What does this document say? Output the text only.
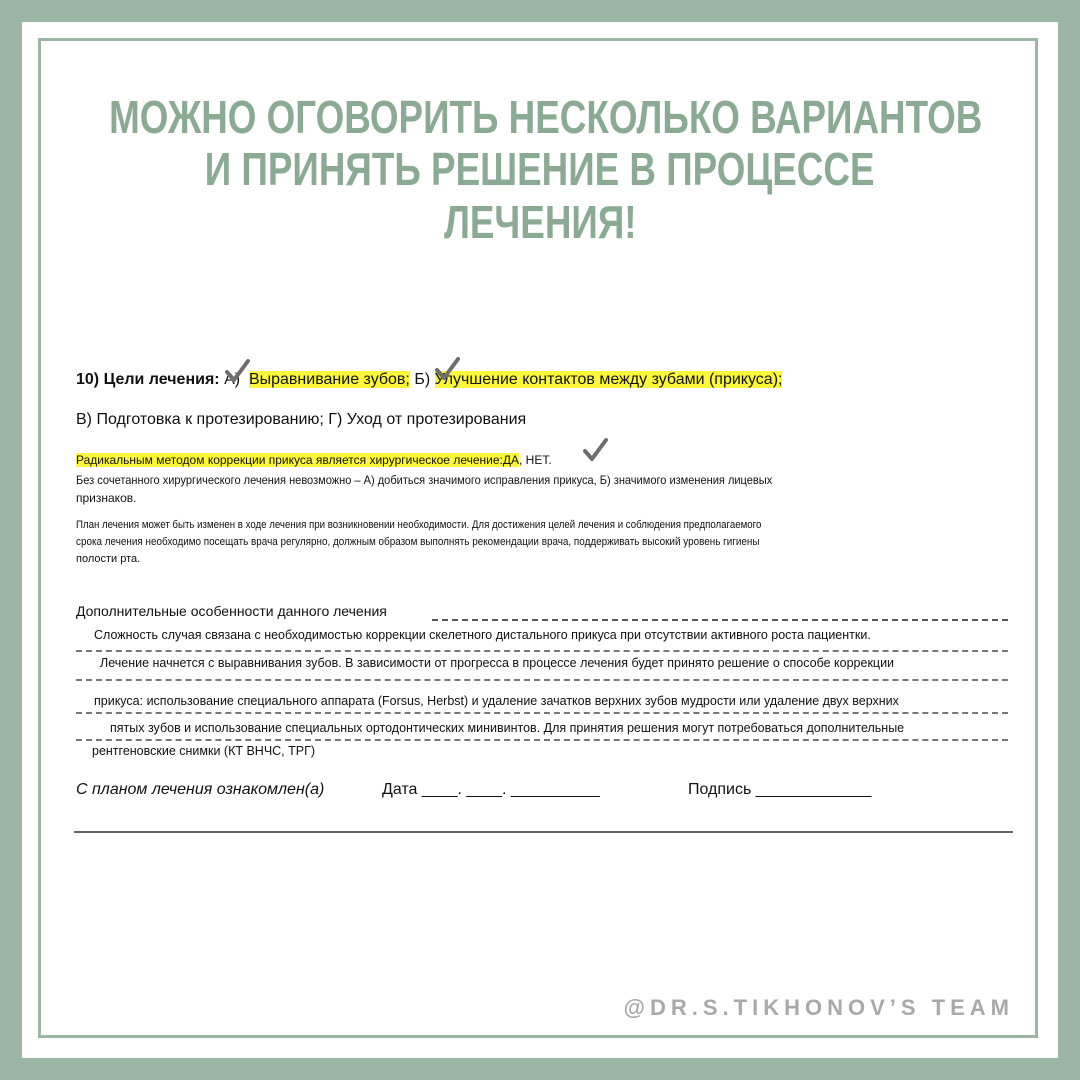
МОЖНО ОГОВОРИТЬ НЕСКОЛЬКО ВАРИАНТОВ
И ПРИНЯТЬ РЕШЕНИЕ В ПРОЦЕССЕ
ЛЕЧЕНИЯ!
10) Цели лечения: А) Выравнивание зубов; Б) Улучшение контактов между зубами (прикуса);
В) Подготовка к протезированию; Г) Уход от протезирования
Радикальным методом коррекции прикуса является хирургическое лечение:ДА, НЕТ.
Без сочетанного хирургического лечения невозможно – А) добиться значимого исправления прикуса, Б) значимого изменения лицевых
признаков.
План лечения может быть изменен в ходе лечения при возникновении необходимости. Для достижения целей лечения и соблюдения предполагаемого
срока лечения необходимо посещать врача регулярно, должным образом выполнять рекомендации врача, поддерживать высокий уровень гигиены
полости рта.
Дополнительные особенности данного лечения
Сложность случая связана с необходимостью коррекции скелетного дистального прикуса при отсутствии активного роста пациентки.
Лечение начнется с выравнивания зубов. В зависимости от прогресса в процессе лечения будет принято решение о способе коррекции
прикуса: использование специального аппарата (Forsus, Herbst) и удаление зачатков верхних зубов мудрости или удаление двух верхних
пятых зубов и использование специальных ортодонтических минивинтов. Для принятия решения могут потребоваться дополнительные
рентгеновские снимки (КТ ВНЧС, ТРГ)
С планом лечения ознакомлен(а)	Дата ____. ____. __________	Подпись _____________
@DR.S.TIKHONOV’S TEAM
